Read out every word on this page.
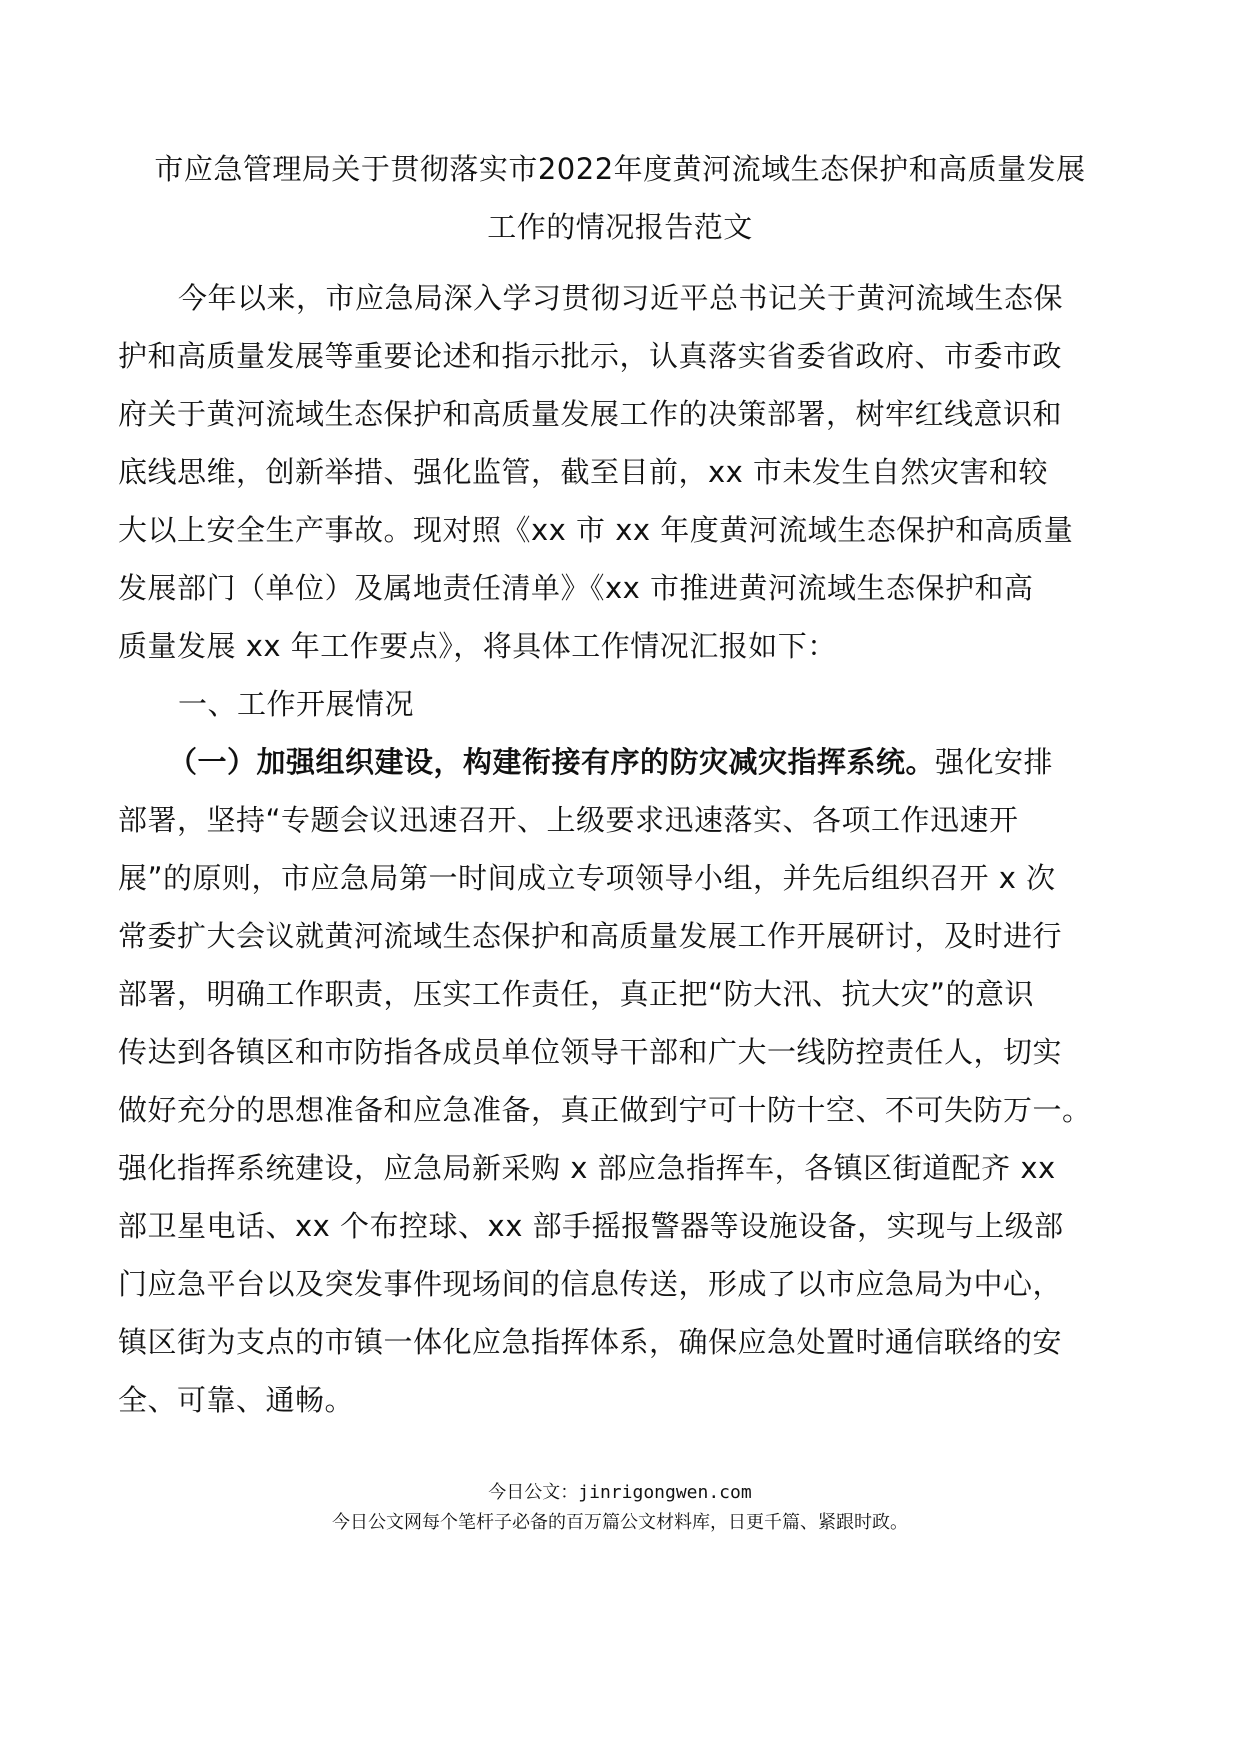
市应急管理局关于贯彻落实市2022年度黄河流域生态保护和高质量发展
工作的情况报告范文
今年以来，市应急局深入学习贯彻习近平总书记关于黄河流域生态保
护和高质量发展等重要论述和指示批示，认真落实省委省政府、市委市政
府关于黄河流域生态保护和高质量发展工作的决策部署，树牢红线意识和
底线思维，创新举措、强化监管，截至目前，xx 市未发生自然灾害和较
大以上安全生产事故。现对照《xx 市 xx 年度黄河流域生态保护和高质量
发展部门（单位）及属地责任清单》《xx 市推进黄河流域生态保护和高
质量发展 xx 年工作要点》，将具体工作情况汇报如下：
一、工作开展情况
（一）加强组织建设，构建衔接有序的防灾减灾指挥系统。强化安排
部署，坚持“专题会议迅速召开、上级要求迅速落实、各项工作迅速开
展”的原则，市应急局第一时间成立专项领导小组，并先后组织召开 x 次
常委扩大会议就黄河流域生态保护和高质量发展工作开展研讨，及时进行
部署，明确工作职责，压实工作责任，真正把“防大汛、抗大灾”的意识
传达到各镇区和市防指各成员单位领导干部和广大一线防控责任人，切实
做好充分的思想准备和应急准备，真正做到宁可十防十空、不可失防万一。
强化指挥系统建设，应急局新采购 x 部应急指挥车，各镇区街道配齐 xx
部卫星电话、xx 个布控球、xx 部手摇报警器等设施设备，实现与上级部
门应急平台以及突发事件现场间的信息传送，形成了以市应急局为中心，
镇区街为支点的市镇一体化应急指挥体系，确保应急处置时通信联络的安
全、可靠、通畅。
今日公文：jinrigongwen.com
今日公文网每个笔杆子必备的百万篇公文材料库，日更千篇、紧跟时政。
